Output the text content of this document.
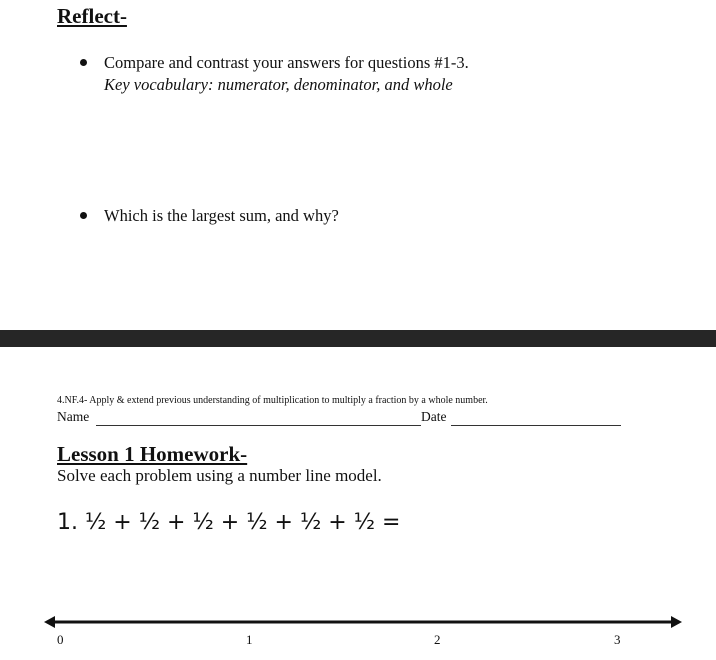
Reflect-
Compare and contrast your answers for questions #1-3.
Key vocabulary: numerator, denominator, and whole
Which is the largest sum, and why?
4.NF.4- Apply & extend previous understanding of multiplication to multiply a fraction by a whole number.
Name	Date
Lesson 1 Homework-
Solve each problem using a number line model.
1. ½ + ½ + ½ + ½ + ½ + ½ =
0	1	2	3
